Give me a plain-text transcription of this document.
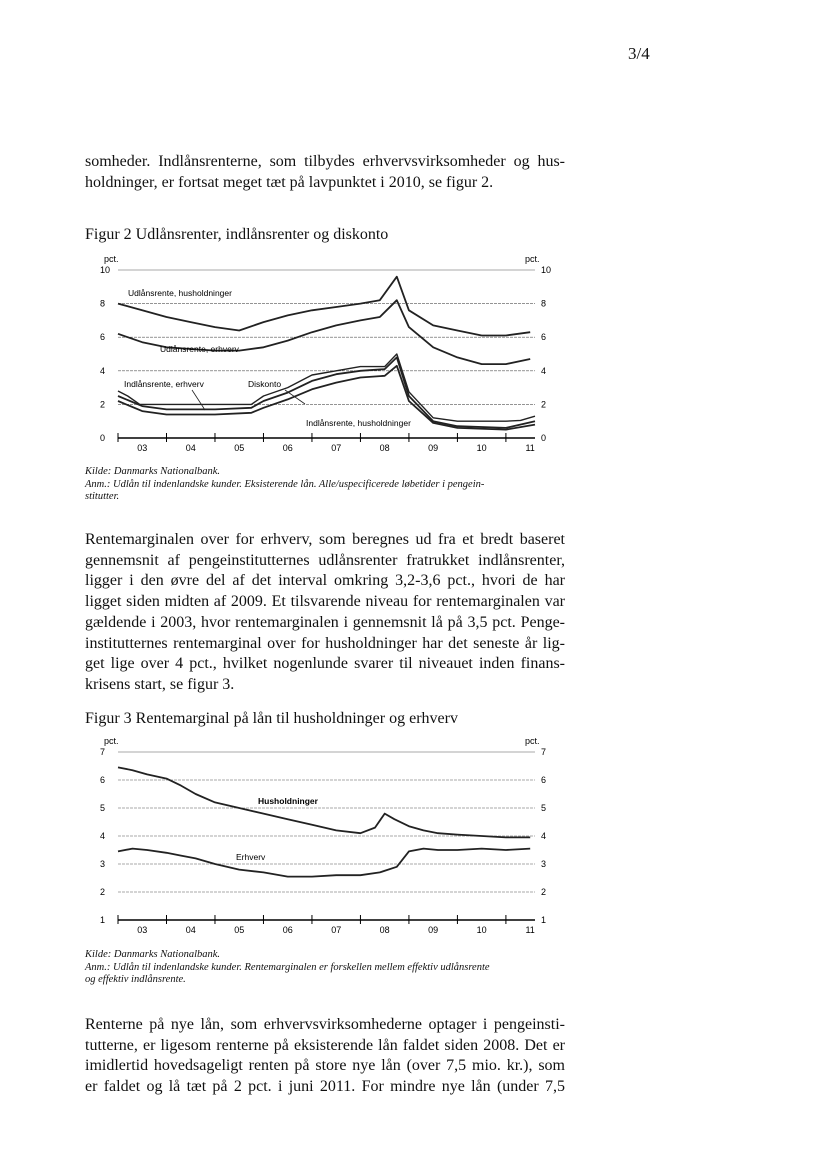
3/4

somheder. Indlånsrenterne, som tilbydes erhvervsvirksomheder og hus-
holdninger, er fortsat meget tæt på lavpunktet i 2010, se figur 2.

Figur 2 Udlånsrenter, indlånsrenter og diskonto
pct.	pct.
0	0
2	2
4	4
6	6
8	8
10	10
03	04	05	06	07	08	09	10	11
Udlånsrente, husholdninger
Udlånsrente, erhverv
Indlånsrente, erhverv	Diskonto
Indlånsrente, husholdninger
Kilde: Danmarks Nationalbank.
Anm.: Udlån til indenlandske kunder. Eksisterende lån. Alle/uspecificerede løbetider i pengein-
stitutter.

Rentemarginalen over for erhverv, som beregnes ud fra et bredt baseret
gennemsnit af pengeinstitutternes udlånsrenter fratrukket indlånsrenter,
ligger i den øvre del af det interval omkring 3,2-3,6 pct., hvori de har
ligget siden midten af 2009. Et tilsvarende niveau for rentemarginalen var
gældende i 2003, hvor rentemarginalen i gennemsnit lå på 3,5 pct. Penge-
institutternes rentemarginal over for husholdninger har det seneste år lig-
get lige over 4 pct., hvilket nogenlunde svarer til niveauet inden finans-
krisens start, se figur 3.

Figur 3 Rentemarginal på lån til husholdninger og erhverv
pct.	pct.
1	1
2	2
3	3
4	4
5	5
6	6
7	7
03	04	05	06	07	08	09	10	11
Husholdninger
Erhverv
Kilde: Danmarks Nationalbank.
Anm.: Udlån til indenlandske kunder. Rentemarginalen er forskellen mellem effektiv udlånsrente
og effektiv indlånsrente.

Renterne på nye lån, som erhvervsvirksomhederne optager i pengeinsti-
tutterne, er ligesom renterne på eksisterende lån faldet siden 2008. Det er
imidlertid hovedsageligt renten på store nye lån (over 7,5 mio. kr.), som
er faldet og lå tæt på 2 pct. i juni 2011. For mindre nye lån (under 7,5
